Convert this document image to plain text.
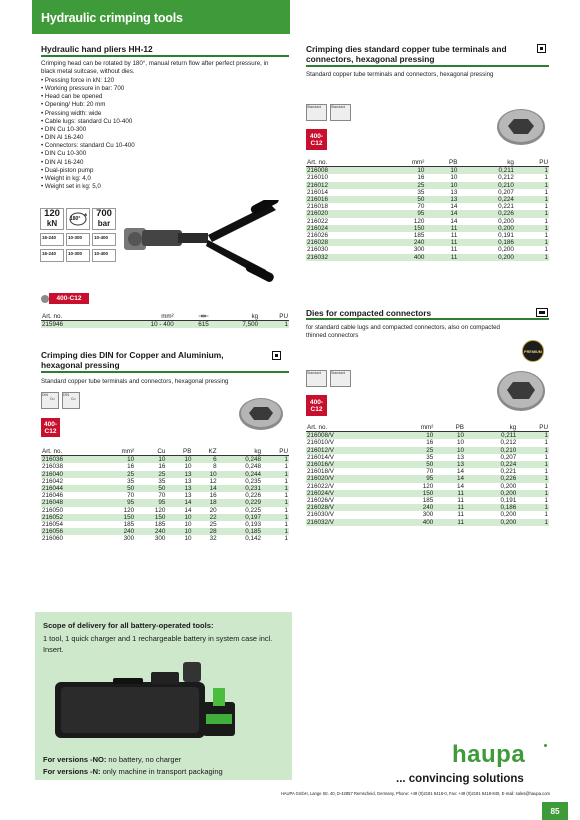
Hydraulic crimping tools
Hydraulic hand pliers HH-12
Crimping head can be rotated by 180°, manual return flow after perfect pressure, in black metal suitcase, without dies.
• Pressing force in kN: 120
• Working pressure in bar: 700
• Head can be opened
• Opening/ Hub: 20 mm
• Pressing width: wide
• Cable lugs: standard Cu 10-400
• DIN Cu 10-300
• DIN Al 16-240
• Connectors: standard Cu 10-400
• DIN Cu 10-300
• DIN Al 16-240
• Dual-piston pump
• Weight in kg: 4,0
• Weight set in kg: 5,0
120
kN	180°	700
bar
16-240	10-300	10-400
16-240	10-300	10-400
400-C12
Art. no.	mm²	⇥⇤	kg	PU
215946	10 - 400	615	7,500	1
Crimping dies DIN for Copper and Aluminium, hexagonal pressing
Standard copper tube terminals and connectors, hexagonal pressing
DIN
Cu
DIN
Cu
400-C12
Art. no.	mm²	Cu	PB	KZ	kg	PU
216036	10	10	10	6	0,248	1
216038	16	16	10	8	0,248	1
216040	25	25	13	10	0,244	1
216042	35	35	13	12	0,235	1
216044	50	50	13	14	0,231	1
216046	70	70	13	16	0,226	1
216048	95	95	14	18	0,229	1
216050	120	120	14	20	0,225	1
216052	150	150	10	22	0,197	1
216054	185	185	10	25	0,193	1
216056	240	240	10	28	0,185	1
216060	300	300	10	32	0,142	1
Crimping dies standard copper tube terminals and connectors, hexagonal pressing
Standard copper tube terminals and connectors, hexagonal pressing
Standard	Standard
400-C12
Art. no.	mm²	PB	kg	PU
216008	10	10	0,211	1
216010	16	10	0,212	1
216012	25	10	0,210	1
216014	35	13	0,207	1
216016	50	13	0,224	1
216018	70	14	0,221	1
216020	95	14	0,226	1
216022	120	14	0,200	1
216024	150	11	0,200	1
216026	185	11	0,191	1
216028	240	11	0,186	1
216030	300	11	0,200	1
216032	400	11	0,200	1
Dies for compacted connectors
for standard cable lugs and compacted connectors, also on compacted thinned connectors
PREMIUM
Standard	Standard
400-C12
Art. no.	mm²	PB	kg	PU
216008/V	10	10	0,211	1
216010/V	16	10	0,212	1
216012/V	25	10	0,210	1
216014/V	35	13	0,207	1
216016/V	50	13	0,224	1
216018/V	70	14	0,221	1
216020/V	95	14	0,226	1
216022/V	120	14	0,200	1
216024/V	150	11	0,200	1
216026/V	185	11	0,191	1
216028/V	240	11	0,186	1
216030/V	300	11	0,200	1
216032/V	400	11	0,200	1
Scope of delivery for all battery-operated tools:
1 tool, 1 quick charger and 1 rechargeable battery in system case incl. Insert.
For versions -NO: no battery, no charger
For versions -N: only machine in transport packaging
haupa
... convincing solutions
HAUPA GmbH, Lange Str. 40, D-42857 Remscheid, Germany, Phone: +49 (0)2191 8418-0, Fax: +49 (0)2191 8418-840, E-mail: sales@haupa.com
85
